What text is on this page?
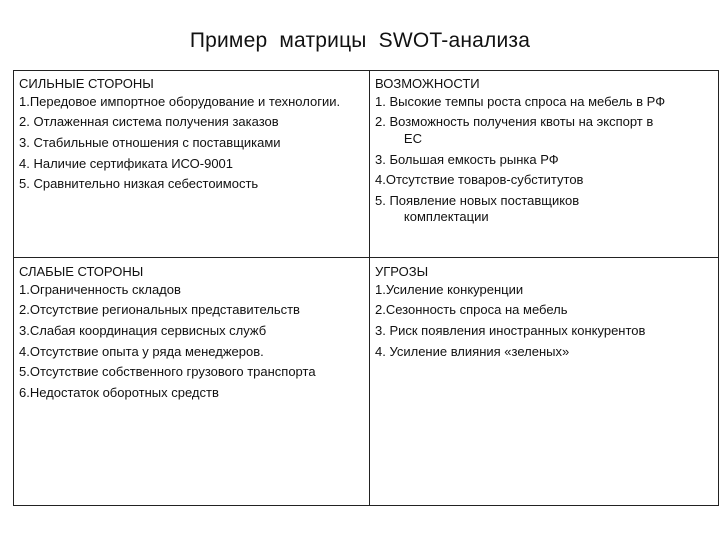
Пример  матрицы  SWOT-анализа
СИЛЬНЫЕ СТОРОНЫ
1.Передовое импортное оборудование и технологии.
2. Отлаженная система получения заказов
3. Стабильные отношения с поставщиками
4. Наличие сертификата ИСО-9001
5. Сравнительно низкая себестоимость
ВОЗМОЖНОСТИ
1. Высокие темпы роста спроса на мебель в РФ
2. Возможность получения квоты на экспорт в
ЕС
3. Большая емкость рынка РФ
4.Отсутствие товаров-субститутов
5. Появление новых поставщиков
комплектации
СЛАБЫЕ СТОРОНЫ
1.Ограниченность складов
2.Отсутствие региональных представительств
3.Слабая координация сервисных служб
4.Отсутствие опыта у ряда менеджеров.
5.Отсутствие собственного грузового транспорта
6.Недостаток оборотных средств
УГРОЗЫ
1.Усиление конкуренции
2.Сезонность спроса на мебель
3. Риск появления иностранных конкурентов
4. Усиление влияния «зеленых»
